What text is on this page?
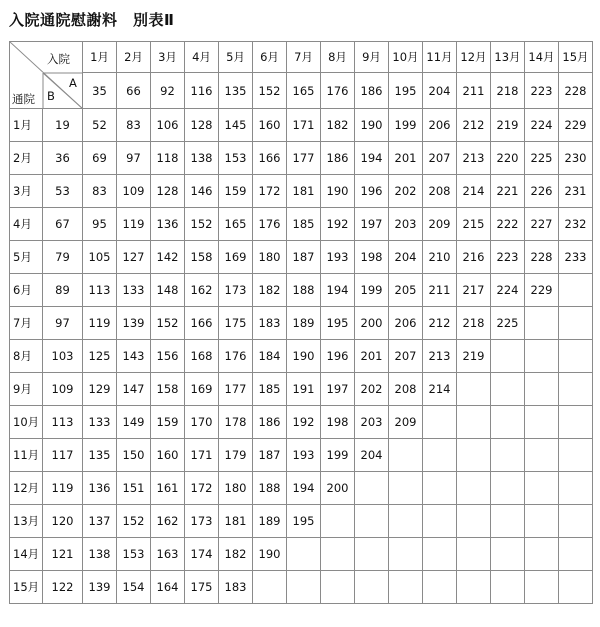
入院通院慰謝料　別表Ⅱ
入院
A
B
通院		1月	2月	3月	4月	5月	6月	7月	8月	9月	10月	11月	12月	13月	14月	15月
		35	66	92	116	135	152	165	176	186	195	204	211	218	223	228
1月	19	52	83	106	128	145	160	171	182	190	199	206	212	219	224	229
2月	36	69	97	118	138	153	166	177	186	194	201	207	213	220	225	230
3月	53	83	109	128	146	159	172	181	190	196	202	208	214	221	226	231
4月	67	95	119	136	152	165	176	185	192	197	203	209	215	222	227	232
5月	79	105	127	142	158	169	180	187	193	198	204	210	216	223	228	233
6月	89	113	133	148	162	173	182	188	194	199	205	211	217	224	229	
7月	97	119	139	152	166	175	183	189	195	200	206	212	218	225		
8月	103	125	143	156	168	176	184	190	196	201	207	213	219			
9月	109	129	147	158	169	177	185	191	197	202	208	214				
10月	113	133	149	159	170	178	186	192	198	203	209					
11月	117	135	150	160	171	179	187	193	199	204						
12月	119	136	151	161	172	180	188	194	200							
13月	120	137	152	162	173	181	189	195								
14月	121	138	153	163	174	182	190									
15月	122	139	154	164	175	183										
